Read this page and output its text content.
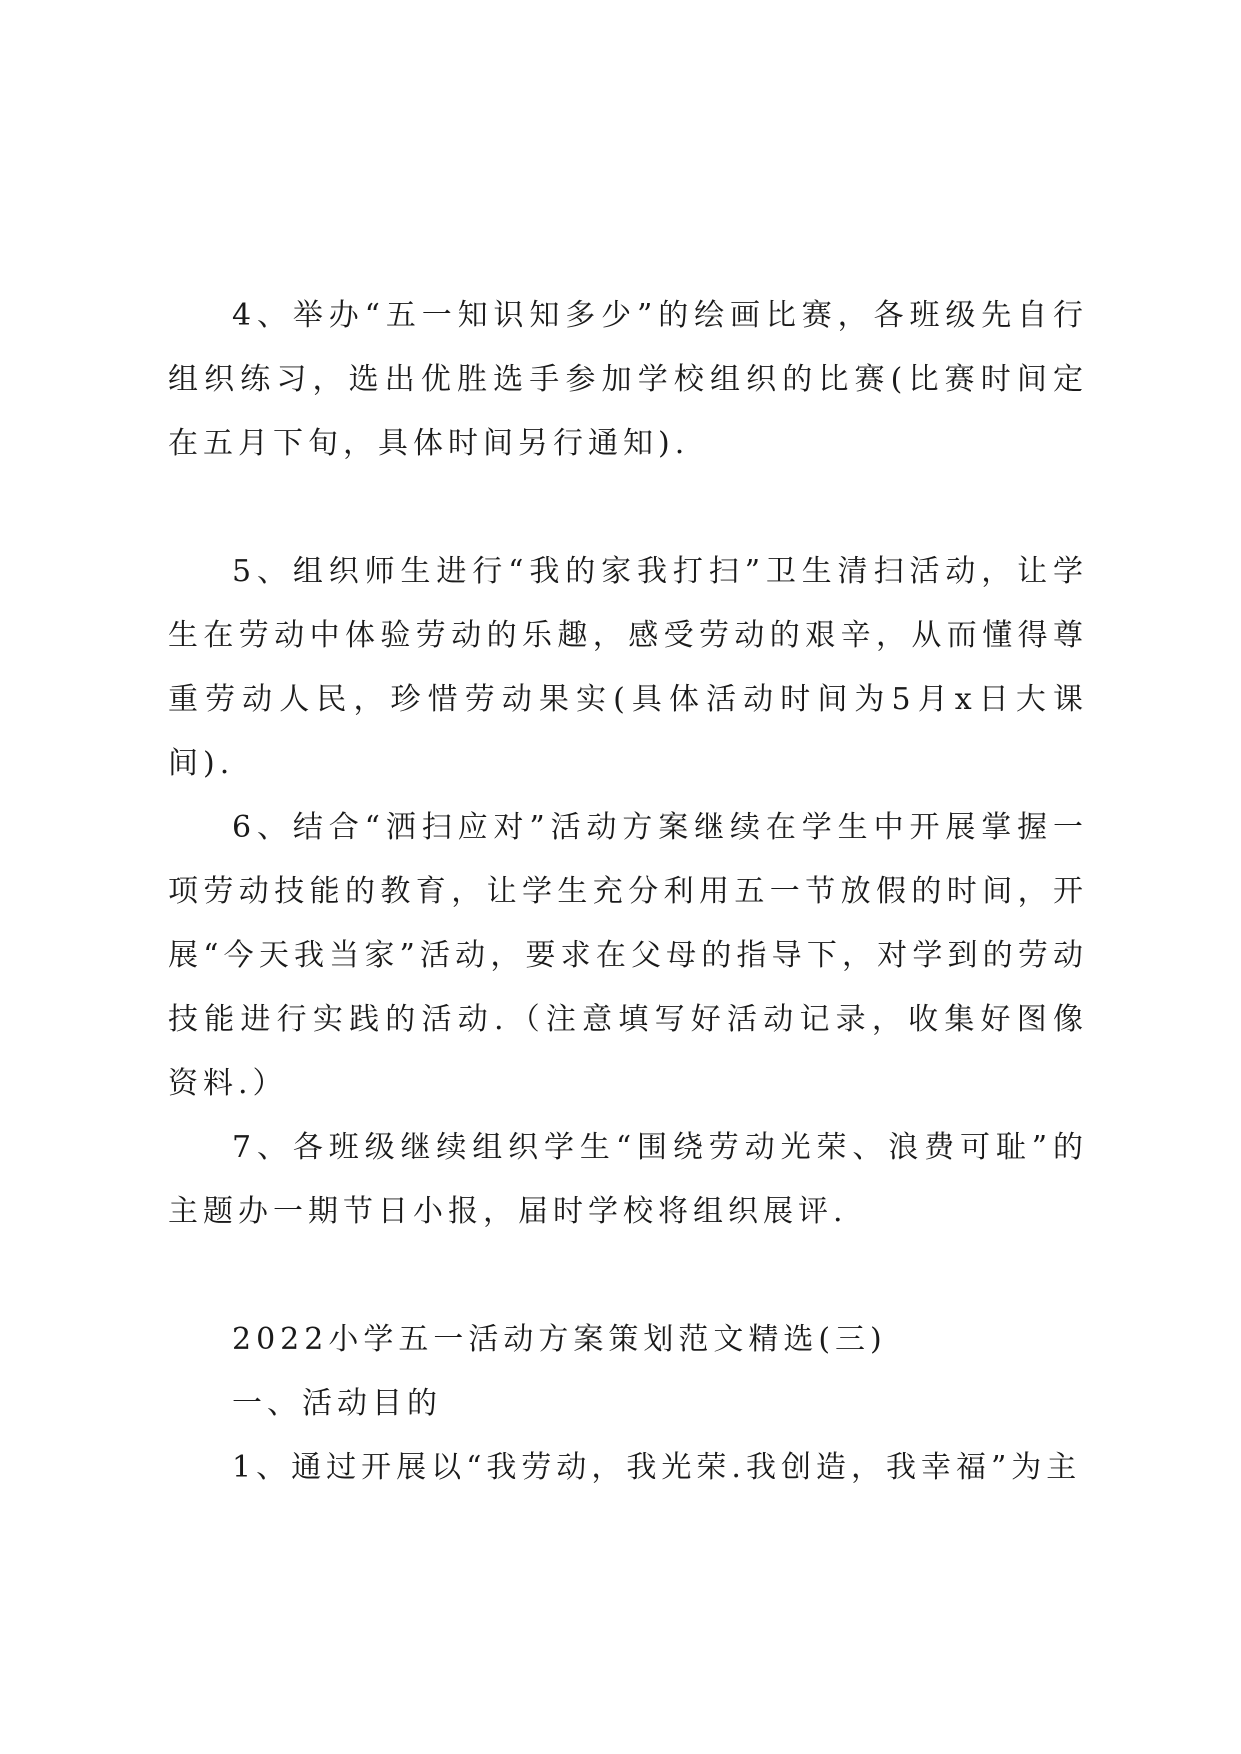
4、举办“五一知识知多少”的绘画比赛，各班级先自行组织练习，选出优胜选手参加学校组织的比赛(比赛时间定在五月下旬，具体时间另行通知).

5、组织师生进行“我的家我打扫”卫生清扫活动，让学生在劳动中体验劳动的乐趣，感受劳动的艰辛，从而懂得尊重劳动人民，珍惜劳动果实(具体活动时间为5月x日大课间).

6、结合“洒扫应对”活动方案继续在学生中开展掌握一项劳动技能的教育，让学生充分利用五一节放假的时间，开展“今天我当家”活动，要求在父母的指导下，对学到的劳动技能进行实践的活动.（注意填写好活动记录，收集好图像资料.）

7、各班级继续组织学生“围绕劳动光荣、浪费可耻”的主题办一期节日小报，届时学校将组织展评.

2022小学五一活动方案策划范文精选(三)

一、活动目的

1、通过开展以“我劳动，我光荣.我创造，我幸福”为主
